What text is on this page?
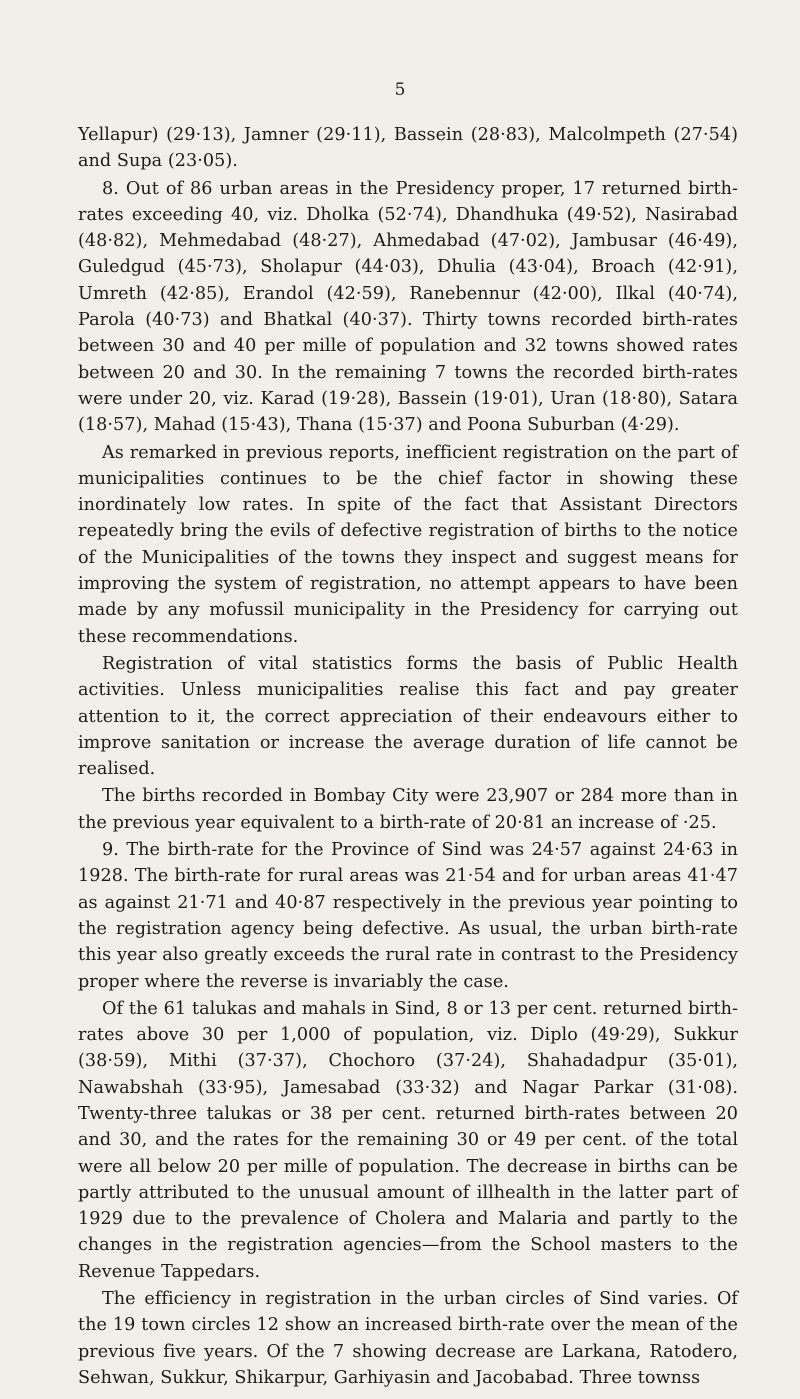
5

Yellapur) (29·13), Jamner (29·11), Bassein (28·83), Malcolmpeth (27·54) and Supa (23·05).

8. Out of 86 urban areas in the Presidency proper, 17 returned birth-rates exceeding 40, viz. Dholka (52·74), Dhandhuka (49·52), Nasirabad (48·82), Mehmedabad (48·27), Ahmedabad (47·02), Jambusar (46·49), Guledgud (45·73), Sholapur (44·03), Dhulia (43·04), Broach (42·91), Umreth (42·85), Erandol (42·59), Ranebennur (42·00), Ilkal (40·74), Parola (40·73) and Bhatkal (40·37). Thirty towns recorded birth-rates between 30 and 40 per mille of population and 32 towns showed rates between 20 and 30. In the remaining 7 towns the recorded birth-rates were under 20, viz. Karad (19·28), Bassein (19·01), Uran (18·80), Satara (18·57), Mahad (15·43), Thana (15·37) and Poona Suburban (4·29).

As remarked in previous reports, inefficient registration on the part of municipalities continues to be the chief factor in showing these inordinately low rates. In spite of the fact that Assistant Directors repeatedly bring the evils of defective registration of births to the notice of the Municipalities of the towns they inspect and suggest means for improving the system of registration, no attempt appears to have been made by any mofussil municipality in the Presidency for carrying out these recommendations.

Registration of vital statistics forms the basis of Public Health activities. Unless municipalities realise this fact and pay greater attention to it, the correct appreciation of their endeavours either to improve sanitation or increase the average duration of life cannot be realised.

The births recorded in Bombay City were 23,907 or 284 more than in the previous year equivalent to a birth-rate of 20·81 an increase of ·25.

9. The birth-rate for the Province of Sind was 24·57 against 24·63 in 1928. The birth-rate for rural areas was 21·54 and for urban areas 41·47 as against 21·71 and 40·87 respectively in the previous year pointing to the registration agency being defective. As usual, the urban birth-rate this year also greatly exceeds the rural rate in contrast to the Presidency proper where the reverse is invariably the case.

Of the 61 talukas and mahals in Sind, 8 or 13 per cent. returned birth-rates above 30 per 1,000 of population, viz. Diplo (49·29), Sukkur (38·59), Mithi (37·37), Chochoro (37·24), Shahadadpur (35·01), Nawabshah (33·95), Jamesabad (33·32) and Nagar Parkar (31·08). Twenty-three talukas or 38 per cent. returned birth-rates between 20 and 30, and the rates for the remaining 30 or 49 per cent. of the total were all below 20 per mille of population. The decrease in births can be partly attributed to the unusual amount of illhealth in the latter part of 1929 due to the prevalence of Cholera and Malaria and partly to the changes in the registration agencies—from the School masters to the Revenue Tappedars.

The efficiency in registration in the urban circles of Sind varies. Of the 19 town circles 12 show an increased birth-rate over the mean of the previous five years. Of the 7 showing decrease are Larkana, Ratodero, Sehwan, Sukkur, Shikarpur, Garhiyasin and Jacobabad. Three townss
